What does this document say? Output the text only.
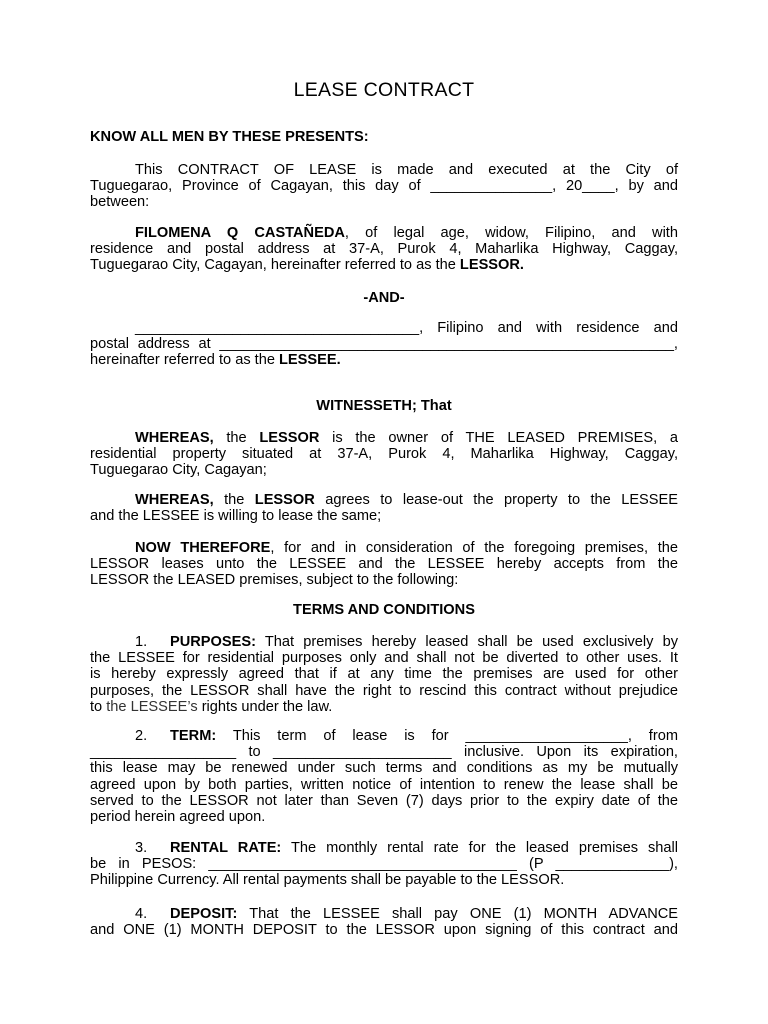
LEASE CONTRACT
KNOW ALL MEN BY THESE PRESENTS:
This CONTRACT OF LEASE is made and executed at the City of
Tuguegarao, Province of Cagayan, this day of _______________, 20____, by and
between:
FILOMENA Q CASTAÑEDA, of legal age, widow, Filipino, and with
residence and postal address at 37-A, Purok 4, Maharlika Highway, Caggay,
Tuguegarao City, Cagayan, hereinafter referred to as the LESSOR.
-AND-
___________________________________, Filipino and with residence and
postal address at ________________________________________________________,
hereinafter referred to as the LESSEE.
WITNESSETH; That
WHEREAS, the LESSOR is the owner of THE LEASED PREMISES, a
residential property situated at 37-A, Purok 4, Maharlika Highway, Caggay,
Tuguegarao City, Cagayan;
WHEREAS, the LESSOR agrees to lease-out the property to the LESSEE
and the LESSEE is willing to lease the same;
NOW THEREFORE, for and in consideration of the foregoing premises, the
LESSOR leases unto the LESSEE and the LESSEE hereby accepts from the
LESSOR the LEASED premises, subject to the following:
TERMS AND CONDITIONS
1. PURPOSES: That premises hereby leased shall be used exclusively by
the LESSEE for residential purposes only and shall not be diverted to other uses. It
is hereby expressly agreed that if at any time the premises are used for other
purposes, the LESSOR shall have the right to rescind this contract without prejudice
to the LESSEE’s rights under the law.
2. TERM: This term of lease is for ____________________, from
__________________ to ______________________ inclusive. Upon its expiration,
this lease may be renewed under such terms and conditions as my be mutually
agreed upon by both parties, written notice of intention to renew the lease shall be
served to the LESSOR not later than Seven (7) days prior to the expiry date of the
period herein agreed upon.
3. RENTAL RATE: The monthly rental rate for the leased premises shall
be in PESOS: ______________________________________ (P ______________),
Philippine Currency. All rental payments shall be payable to the LESSOR.
4. DEPOSIT: That the LESSEE shall pay ONE (1) MONTH ADVANCE
and ONE (1) MONTH DEPOSIT to the LESSOR upon signing of this contract and
